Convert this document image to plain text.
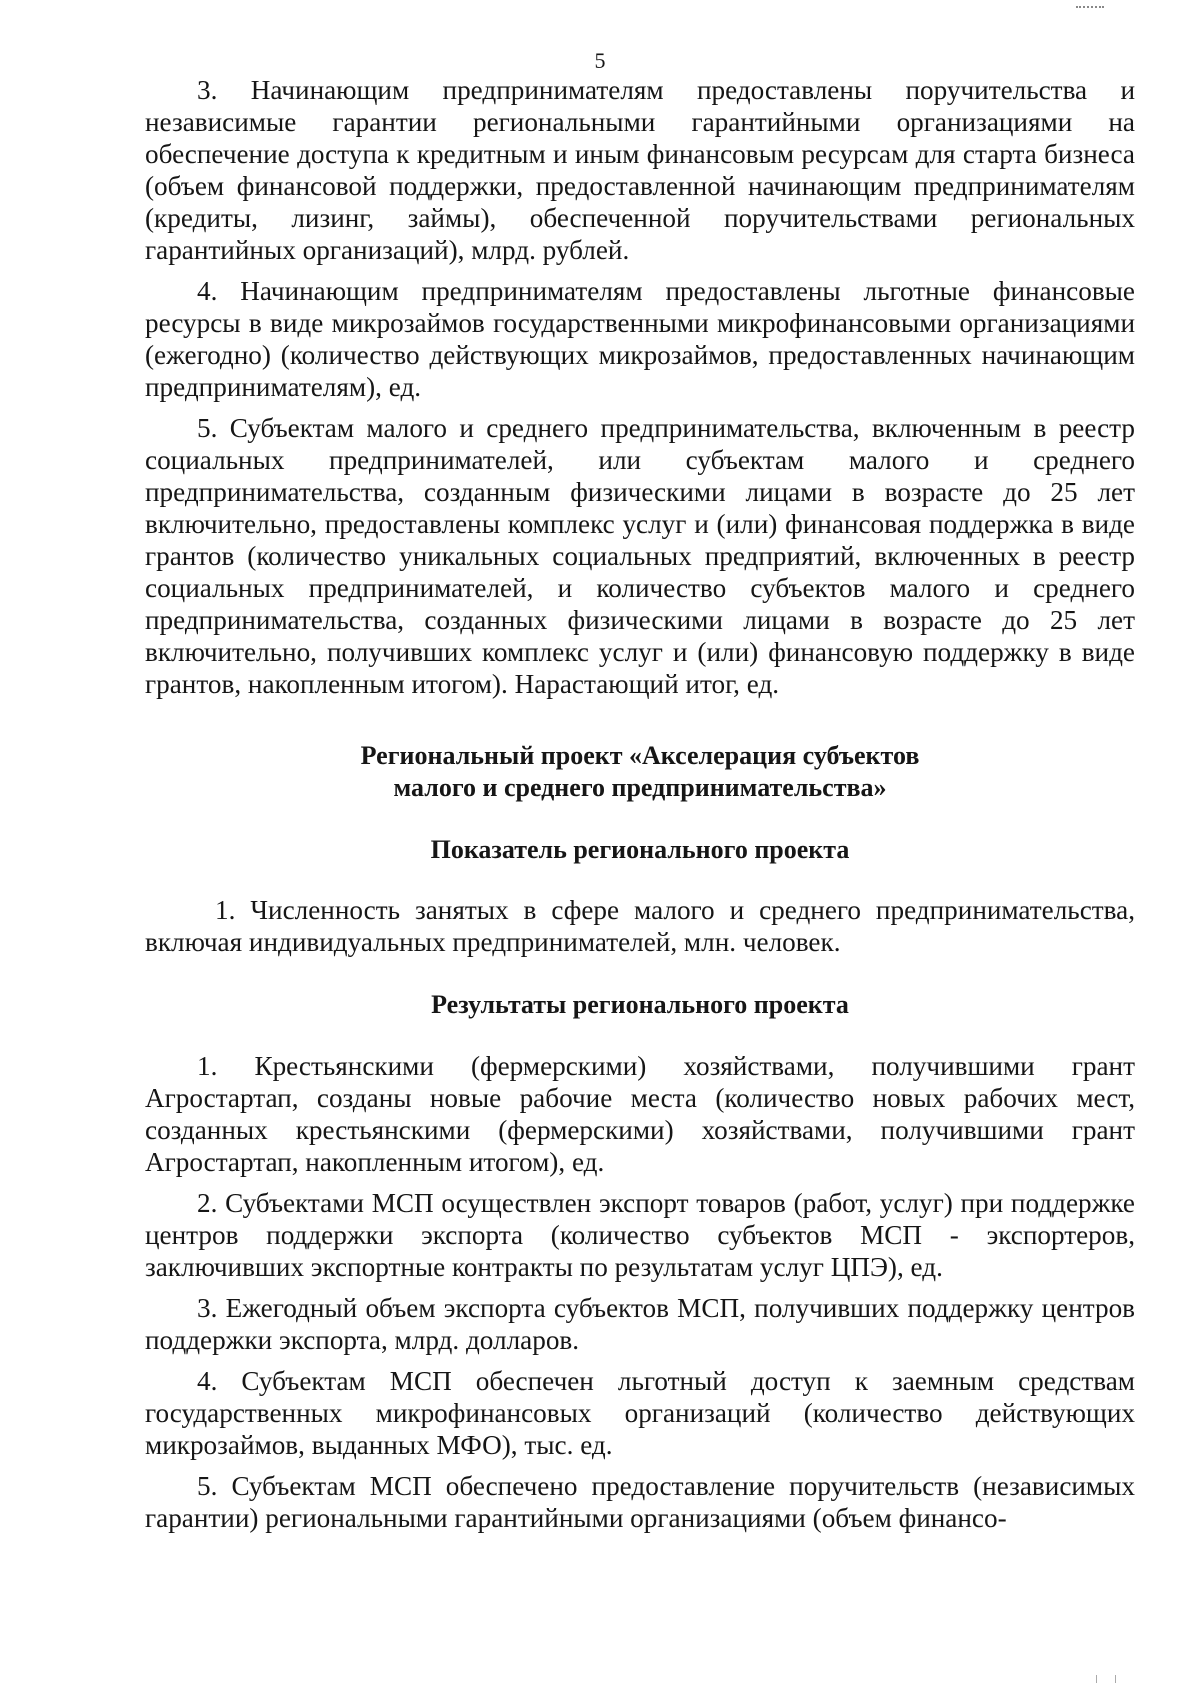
5

3. Начинающим предпринимателям предоставлены поручительства и независимые гарантии региональными гарантийными организациями на обеспечение доступа к кредитным и иным финансовым ресурсам для старта бизнеса (объем финансовой поддержки, предоставленной начинающим предпринимателям (кредиты, лизинг, займы), обеспеченной поручительствами региональных гарантийных организаций), млрд. рублей.

4. Начинающим предпринимателям предоставлены льготные финансовые ресурсы в виде микрозаймов государственными микрофинансовыми организациями (ежегодно) (количество действующих микрозаймов, предоставленных начинающим предпринимателям), ед.

5. Субъектам малого и среднего предпринимательства, включенным в реестр социальных предпринимателей, или субъектам малого и среднего предпринимательства, созданным физическими лицами в возрасте до 25 лет включительно, предоставлены комплекс услуг и (или) финансовая поддержка в виде грантов (количество уникальных социальных предприятий, включенных в реестр социальных предпринимателей, и количество субъектов малого и среднего предпринимательства, созданных физическими лицами в возрасте до 25 лет включительно, получивших комплекс услуг и (или) финансовую поддержку в виде грантов, накопленным итогом). Нарастающий итог, ед.

Региональный проект «Акселерация субъектов
малого и среднего предпринимательства»
Показатель регионального проекта

1. Численность занятых в сфере малого и среднего предпринимательства, включая индивидуальных предпринимателей, млн. человек.

Результаты регионального проекта

1. Крестьянскими (фермерскими) хозяйствами, получившими грант Агростартап, созданы новые рабочие места (количество новых рабочих мест, созданных крестьянскими (фермерскими) хозяйствами, получившими грант Агростартап, накопленным итогом), ед.

2. Субъектами МСП осуществлен экспорт товаров (работ, услуг) при поддержке центров поддержки экспорта (количество субъектов МСП - экспортеров, заключивших экспортные контракты по результатам услуг ЦПЭ), ед.

3. Ежегодный объем экспорта субъектов МСП, получивших поддержку центров поддержки экспорта, млрд. долларов.

4. Субъектам МСП обеспечен льготный доступ к заемным средствам государственных микрофинансовых организаций (количество действующих микрозаймов, выданных МФО), тыс. ед.

5. Субъектам МСП обеспечено предоставление поручительств (независимых гарантии) региональными гарантийными организациями (объем финансо-
